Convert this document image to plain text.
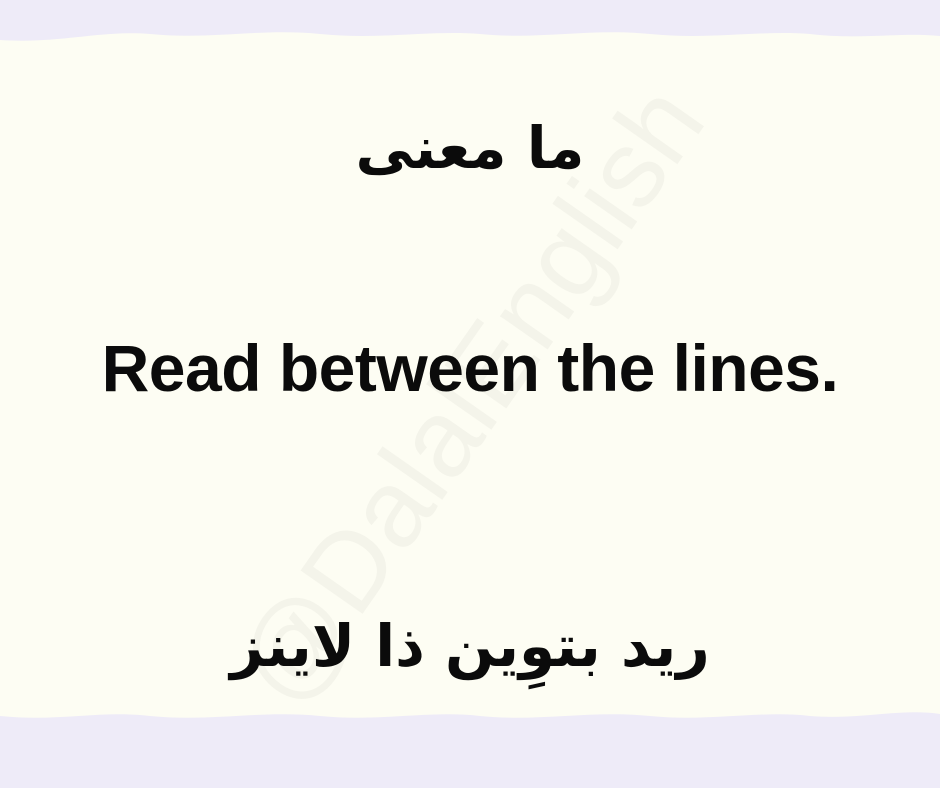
ما معنى
Read between the lines.
ريد بتوِين ذا لاينز
